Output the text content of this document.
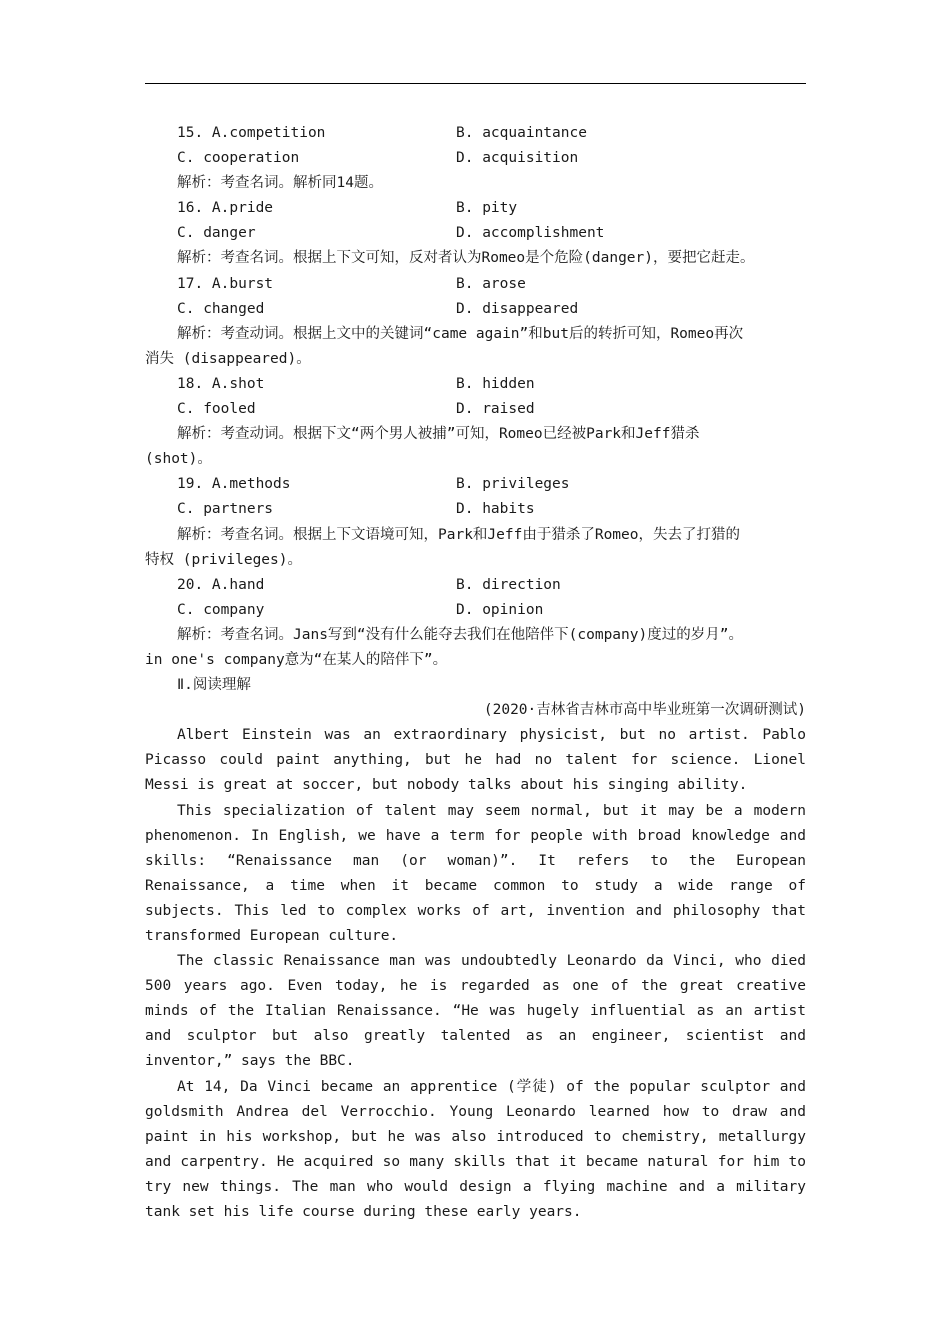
15. A.competition	B. acquaintance
C. cooperation	D. acquisition
解析：考查名词。解析同14题。
16. A.pride	B. pity
C. danger	D. accomplishment
解析：考查名词。根据上下文可知，反对者认为Romeo是个危险(danger)，要把它赶走。
17. A.burst	B. arose
C. changed	D. disappeared
解析：考查动词。根据上文中的关键词“came again”和but后的转折可知，Romeo再次
消失 (disappeared)。
18. A.shot	B. hidden
C. fooled	D. raised
解析：考查动词。根据下文“两个男人被捕”可知，Romeo已经被Park和Jeff猎杀
(shot)。
19. A.methods	B. privileges
C. partners	D. habits
解析：考查名词。根据上下文语境可知，Park和Jeff由于猎杀了Romeo，失去了打猎的
特权 (privileges)。
20. A.hand	B. direction
C. company	D. opinion
解析：考查名词。Jans写到“没有什么能夺去我们在他陪伴下(company)度过的岁月”。
in one's company意为“在某人的陪伴下”。
Ⅱ.阅读理解
(2020·吉林省吉林市高中毕业班第一次调研测试)
Albert Einstein was an extraordinary physicist, but no artist. Pablo Picasso could paint anything, but he had no talent for science. Lionel Messi is great at soccer, but nobody talks about his singing ability.
This specialization of talent may seem normal, but it may be a modern phenomenon. In English, we have a term for people with broad knowledge and skills: “Renaissance man (or woman)”. It refers to the European Renaissance, a time when it became common to study a wide range of subjects. This led to complex works of art, invention and philosophy that transformed European culture.
The classic Renaissance man was undoubtedly Leonardo da Vinci, who died 500 years ago. Even today, he is regarded as one of the great creative minds of the Italian Renaissance. “He was hugely influential as an artist and sculptor but also greatly talented as an engineer, scientist and inventor,” says the BBC.
At 14, Da Vinci became an apprentice (学徒) of the popular sculptor and goldsmith Andrea del Verrocchio. Young Leonardo learned how to draw and paint in his workshop, but he was also introduced to chemistry, metallurgy and carpentry. He acquired so many skills that it became natural for him to try new things. The man who would design a flying machine and a military tank set his life course during these early years.
